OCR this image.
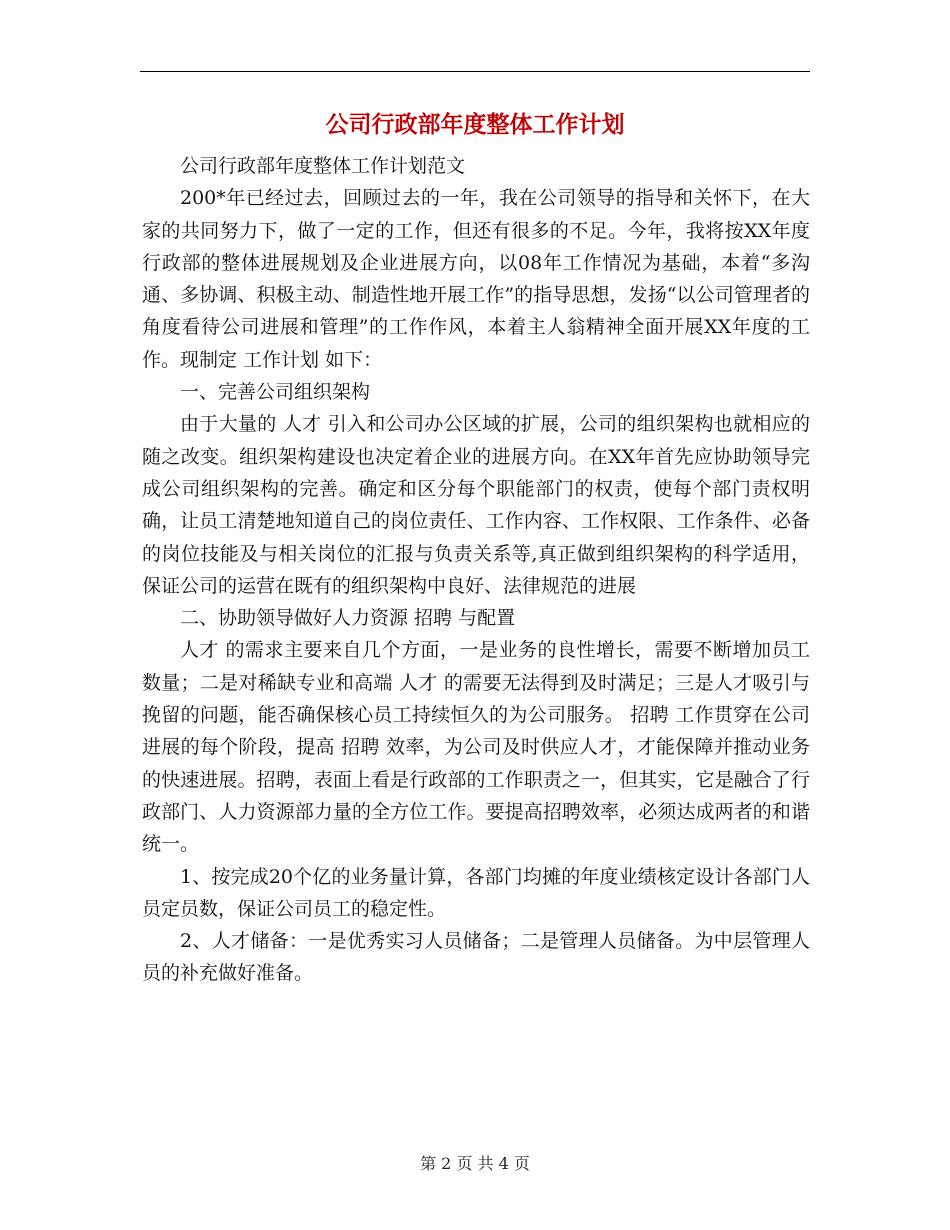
公司行政部年度整体工作计划

公司行政部年度整体工作计划范文

200*年已经过去，回顾过去的一年，我在公司领导的指导和关怀下，在大家的共同努力下，做了一定的工作，但还有很多的不足。今年，我将按XX年度行政部的整体进展规划及企业进展方向，以08年工作情况为基础，本着“多沟通、多协调、积极主动、制造性地开展工作”的指导思想，发扬“以公司管理者的角度看待公司进展和管理”的工作作风，本着主人翁精神全面开展XX年度的工作。现制定 工作计划 如下：

一、完善公司组织架构

由于大量的 人才 引入和公司办公区域的扩展，公司的组织架构也就相应的随之改变。组织架构建设也决定着企业的进展方向。在XX年首先应协助领导完成公司组织架构的完善。确定和区分每个职能部门的权责，使每个部门责权明确，让员工清楚地知道自己的岗位责任、工作内容、工作权限、工作条件、必备的岗位技能及与相关岗位的汇报与负责关系等,真正做到组织架构的科学适用，保证公司的运营在既有的组织架构中良好、法律规范的进展

二、协助领导做好人力资源 招聘 与配置

人才 的需求主要来自几个方面，一是业务的良性增长，需要不断增加员工数量；二是对稀缺专业和高端 人才 的需要无法得到及时满足；三是人才吸引与挽留的问题，能否确保核心员工持续恒久的为公司服务。 招聘 工作贯穿在公司进展的每个阶段，提高 招聘 效率，为公司及时供应人才，才能保障并推动业务的快速进展。招聘，表面上看是行政部的工作职责之一，但其实，它是融合了行政部门、人力资源部力量的全方位工作。要提高招聘效率，必须达成两者的和谐统一。

1、按完成20个亿的业务量计算，各部门均摊的年度业绩核定设计各部门人员定员数，保证公司员工的稳定性。

2、人才储备：一是优秀实习人员储备；二是管理人员储备。为中层管理人员的补充做好准备。

第 2 页 共 4 页
